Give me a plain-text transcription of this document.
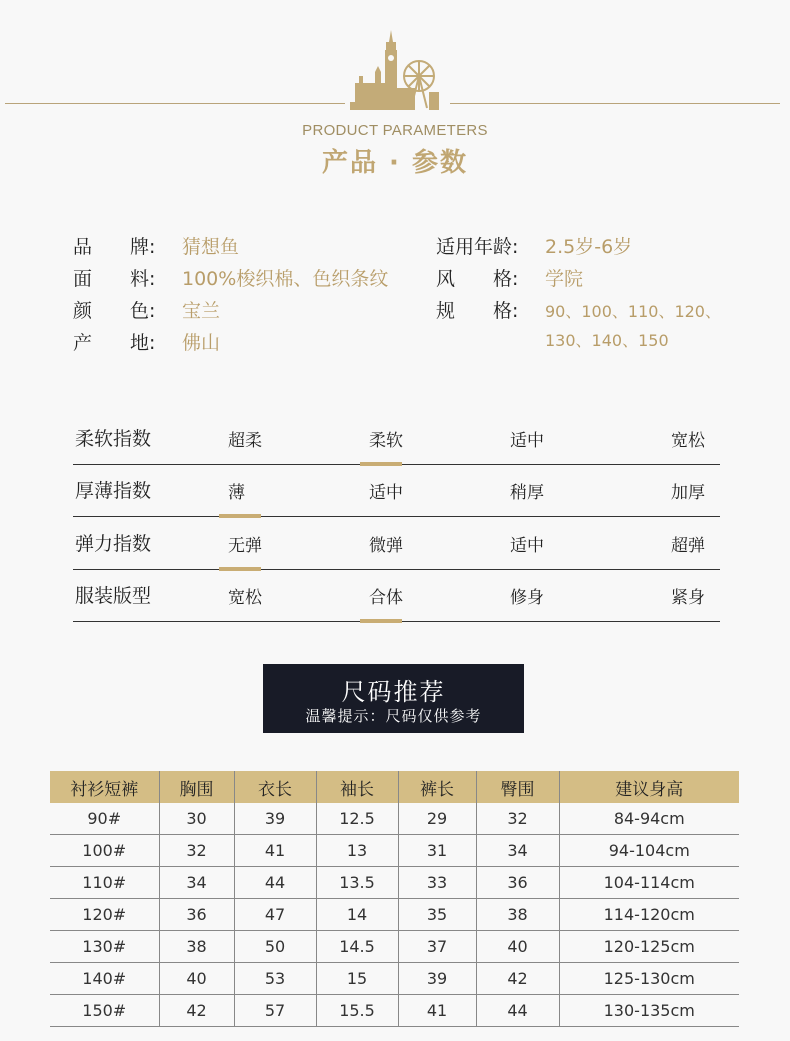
PRODUCT PARAMETERS
产品 · 参数
品　　牌: 猜想鱼
面　　料: 100%梭织棉、色织条纹
颜　　色: 宝兰
产　　地: 佛山
适用年龄: 2.5岁-6岁
风　　格: 学院
规　　格: 90、100、110、120、
130、140、150
柔软指数	超柔	柔软	适中	宽松
厚薄指数	薄	适中	稍厚	加厚
弹力指数	无弹	微弹	适中	超弹
服装版型	宽松	合体	修身	紧身
尺码推荐
温馨提示：尺码仅供参考
衬衫短裤	胸围	衣长	袖长	裤长	臀围	建议身高
90#	30	39	12.5	29	32	84-94cm
100#	32	41	13	31	34	94-104cm
110#	34	44	13.5	33	36	104-114cm
120#	36	47	14	35	38	114-120cm
130#	38	50	14.5	37	40	120-125cm
140#	40	53	15	39	42	125-130cm
150#	42	57	15.5	41	44	130-135cm
